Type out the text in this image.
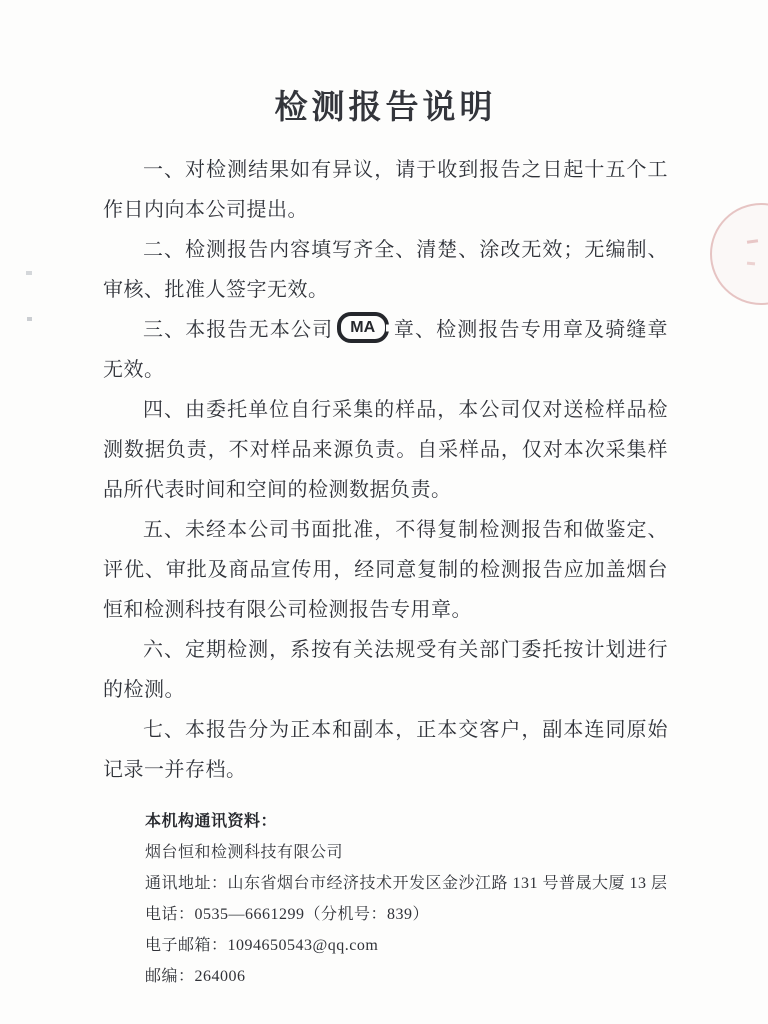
检测报告说明
一、对检测结果如有异议，请于收到报告之日起十五个工作日内向本公司提出。
二、检测报告内容填写齐全、清楚、涂改无效；无编制、审核、批准人签字无效。
三、本报告无本公司	MA 章、检测报告专用章及骑缝章无效。
四、由委托单位自行采集的样品，本公司仅对送检样品检测数据负责，不对样品来源负责。自采样品，仅对本次采集样品所代表时间和空间的检测数据负责。
五、未经本公司书面批准，不得复制检测报告和做鉴定、评优、审批及商品宣传用，经同意复制的检测报告应加盖烟台恒和检测科技有限公司检测报告专用章。
六、定期检测，系按有关法规受有关部门委托按计划进行的检测。
七、本报告分为正本和副本，正本交客户，副本连同原始记录一并存档。
本机构通讯资料：
烟台恒和检测科技有限公司
通讯地址：山东省烟台市经济技术开发区金沙江路 131 号普晟大厦 13 层
电话：0535—6661299（分机号：839）
电子邮箱：1094650543@qq.com
邮编：264006
